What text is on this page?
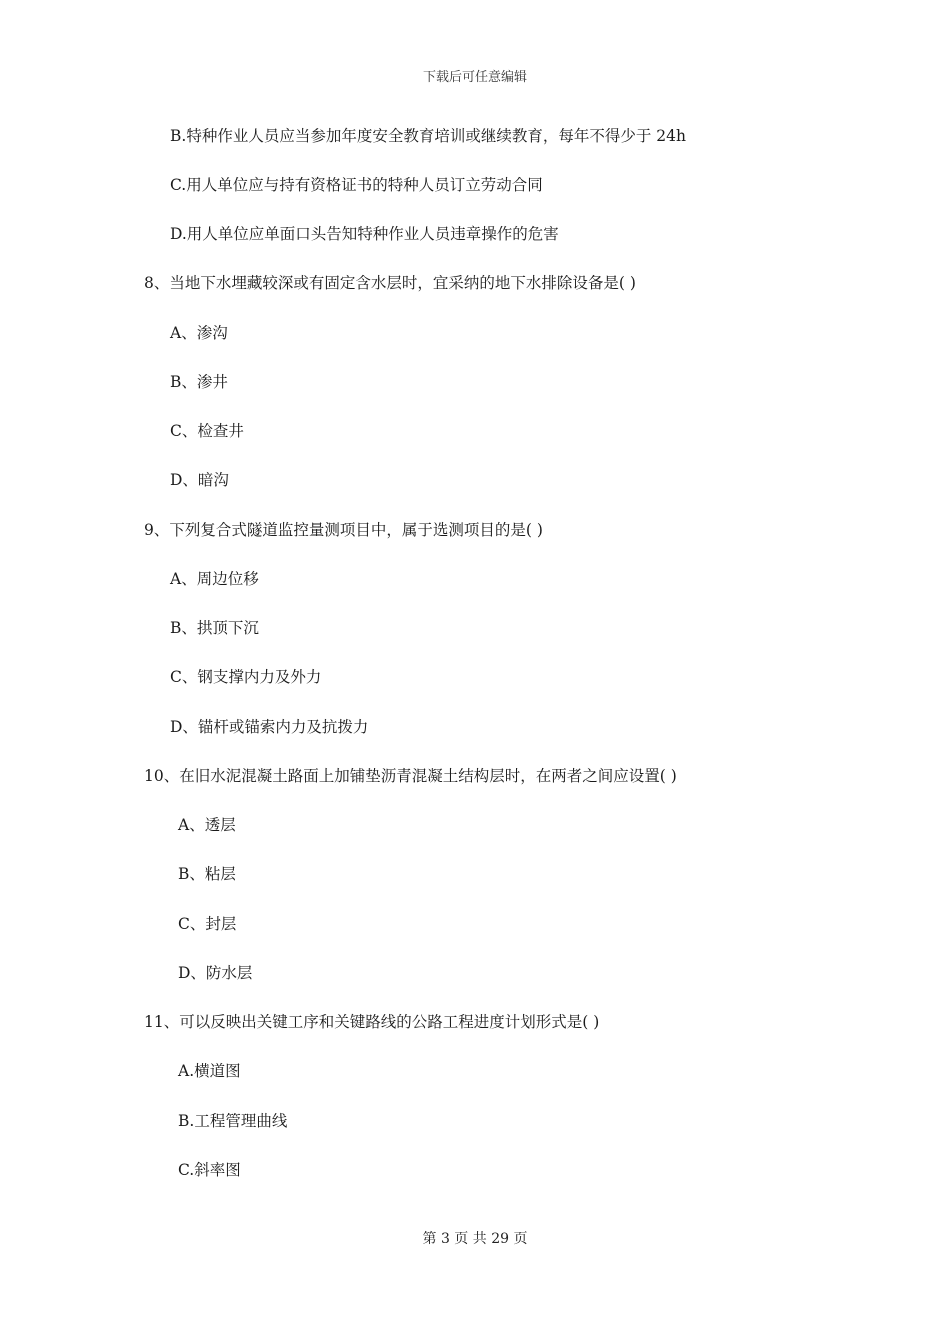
下载后可任意编辑
B.特种作业人员应当参加年度安全教育培训或继续教育，每年不得少于 24h
C.用人单位应与持有资格证书的特种人员订立劳动合同
D.用人单位应单面口头告知特种作业人员违章操作的危害
8、当地下水埋藏较深或有固定含水层时，宜采纳的地下水排除设备是( )
A、渗沟
B、渗井
C、检查井
D、暗沟
9、下列复合式隧道监控量测项目中，属于选测项目的是( )
A、周边位移
B、拱顶下沉
C、钢支撑内力及外力
D、锚杆或锚索内力及抗拨力
10、在旧水泥混凝土路面上加铺垫沥青混凝土结构层时，在两者之间应设置( )
A、透层
B、粘层
C、封层
D、防水层
11、可以反映出关键工序和关键路线的公路工程进度计划形式是( )
A.横道图
B.工程管理曲线
C.斜率图
第 3 页 共 29 页
